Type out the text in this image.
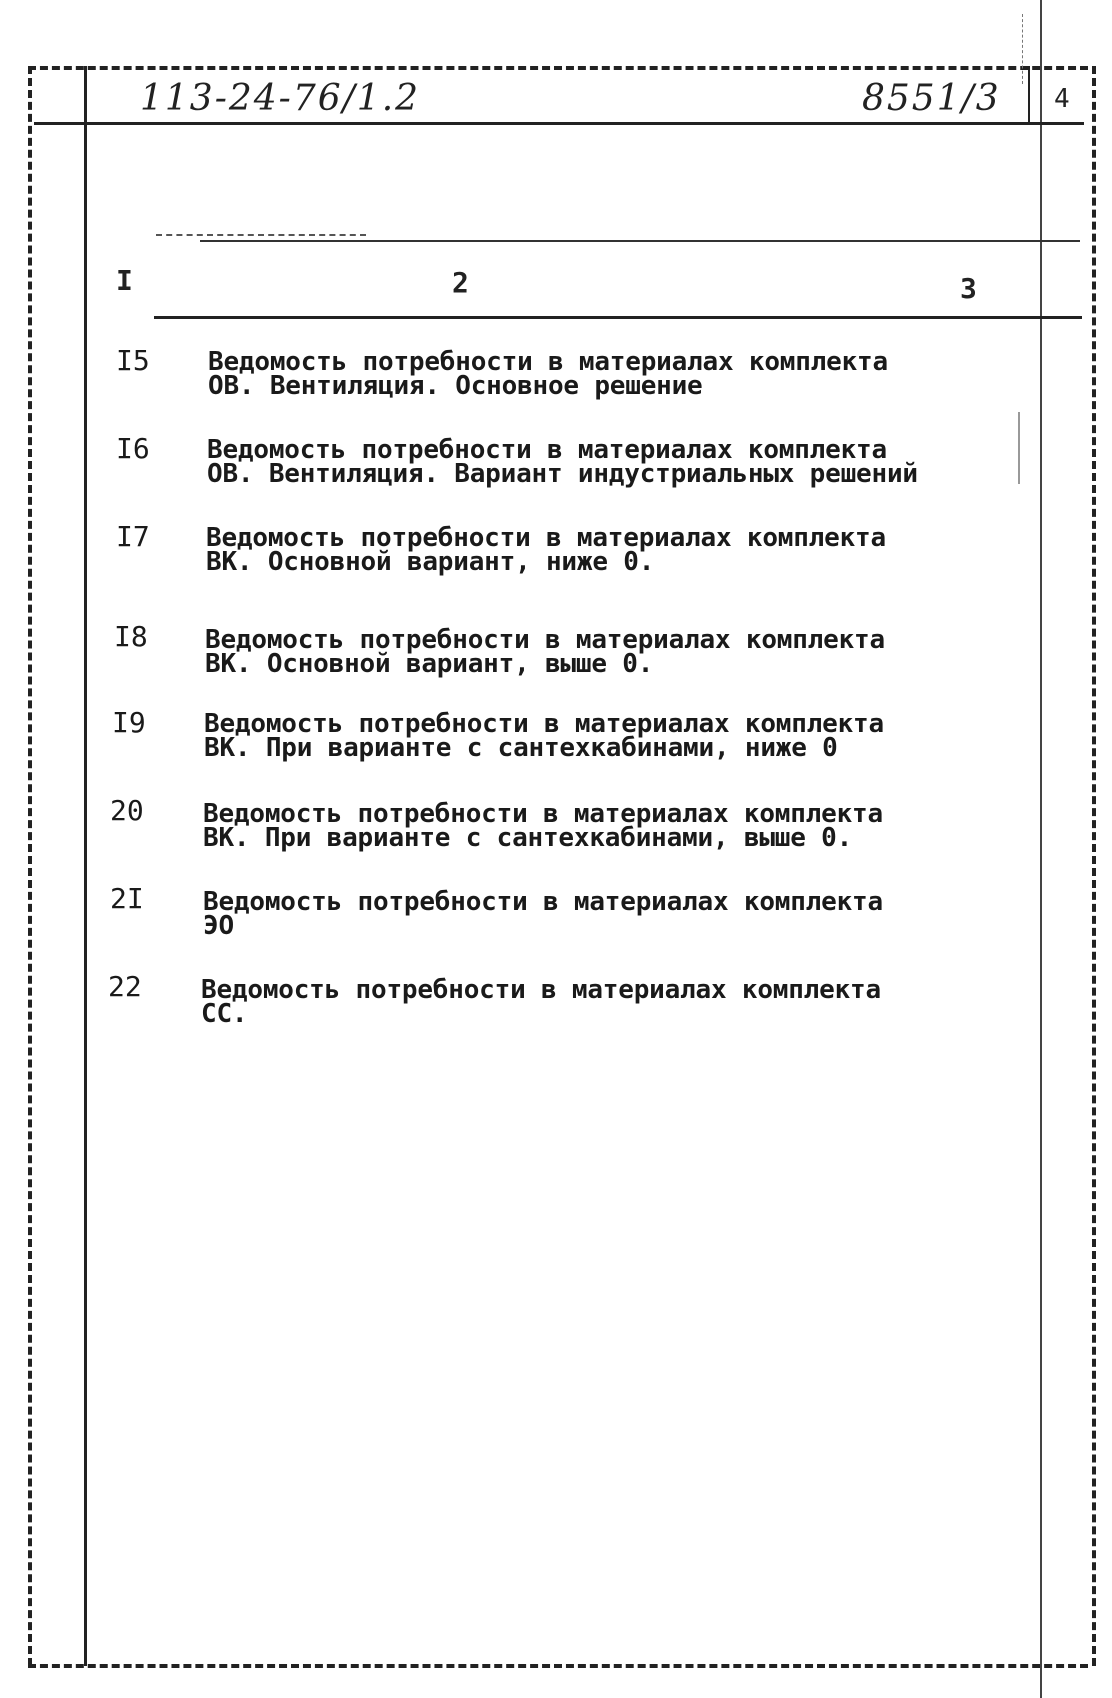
113-24-76/1.2	8551/3 4
I	2	3
I5 Ведомость потребности в материалах комплекта
ОВ. Вентиляция. Основное решение
I6 Ведомость потребности в материалах комплекта
ОВ. Вентиляция. Вариант индустриальных решений
I7 Ведомость потребности в материалах комплекта
ВК. Основной вариант, ниже 0.
I8 Ведомость потребности в материалах комплекта
ВК. Основной вариант, выше 0.
I9 Ведомость потребности в материалах комплекта
ВК. При варианте с сантехкабинами, ниже 0
20 Ведомость потребности в материалах комплекта
ВК. При варианте с сантехкабинами, выше 0.
2I Ведомость потребности в материалах комплекта
ЭО
22 Ведомость потребности в материалах комплекта
СС.
